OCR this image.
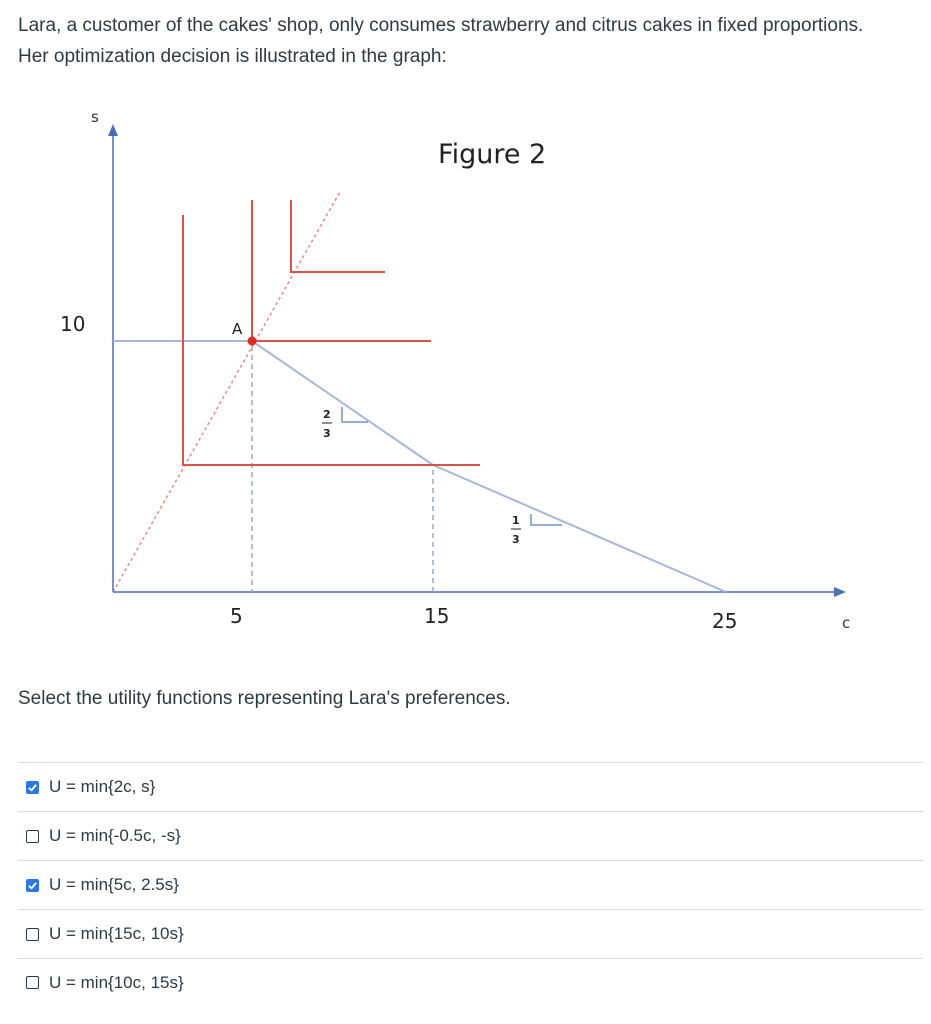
Lara, a customer of the cakes' shop, only consumes strawberry and citrus cakes in fixed proportions.

Her optimization decision is illustrated in the graph:

s
c
Figure 2
10
5	15	25
A
2
3
1
3
Select the utility functions representing Lara's preferences.
U = min{2c, s}
U = min{-0.5c, -s}
U = min{5c, 2.5s}
U = min{15c, 10s}
U = min{10c, 15s}
